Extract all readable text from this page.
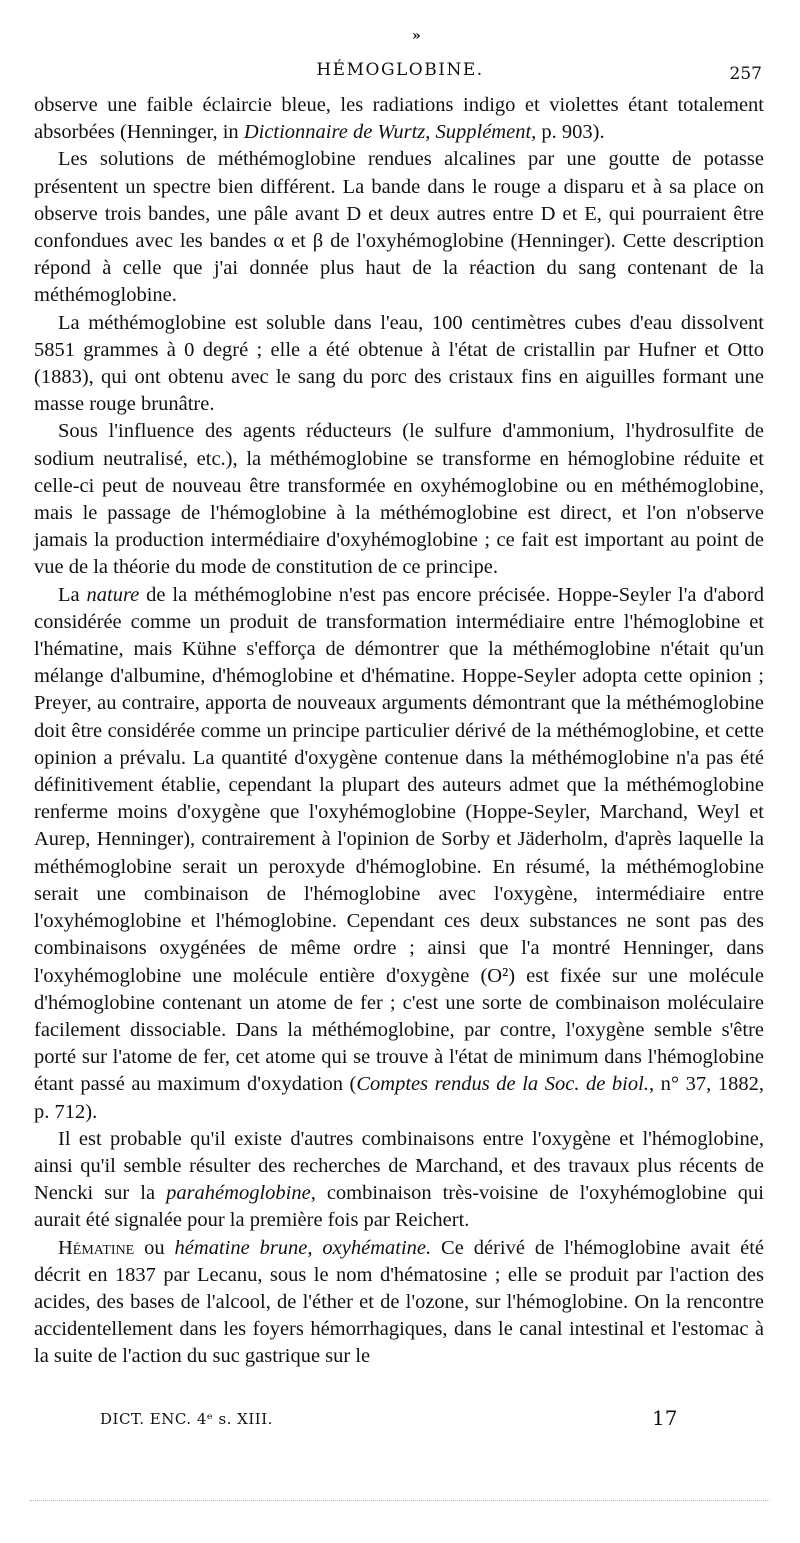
»
HÉMOGLOBINE.	257

observe une faible éclaircie bleue, les radiations indigo et violettes étant totalement absorbées (Henninger, in Dictionnaire de Wurtz, Supplément, p. 903).

Les solutions de méthémoglobine rendues alcalines par une goutte de potasse présentent un spectre bien différent. La bande dans le rouge a disparu et à sa place on observe trois bandes, une pâle avant D et deux autres entre D et E, qui pourraient être confondues avec les bandes α et β de l'oxyhémoglobine (Henninger). Cette description répond à celle que j'ai donnée plus haut de la réaction du sang contenant de la méthémoglobine.

La méthémoglobine est soluble dans l'eau, 100 centimètres cubes d'eau dissolvent 5851 grammes à 0 degré ; elle a été obtenue à l'état de cristallin par Hufner et Otto (1883), qui ont obtenu avec le sang du porc des cristaux fins en aiguilles formant une masse rouge brunâtre.

Sous l'influence des agents réducteurs (le sulfure d'ammonium, l'hydrosulfite de sodium neutralisé, etc.), la méthémoglobine se transforme en hémoglobine réduite et celle-ci peut de nouveau être transformée en oxyhémoglobine ou en méthémoglobine, mais le passage de l'hémoglobine à la méthémoglobine est direct, et l'on n'observe jamais la production intermédiaire d'oxyhémoglobine ; ce fait est important au point de vue de la théorie du mode de constitution de ce principe.

La nature de la méthémoglobine n'est pas encore précisée. Hoppe-Seyler l'a d'abord considérée comme un produit de transformation intermédiaire entre l'hémoglobine et l'hématine, mais Kühne s'efforça de démontrer que la méthémoglobine n'était qu'un mélange d'albumine, d'hémoglobine et d'hématine. Hoppe-Seyler adopta cette opinion ; Preyer, au contraire, apporta de nouveaux arguments démontrant que la méthémoglobine doit être considérée comme un principe particulier dérivé de la méthémoglobine, et cette opinion a prévalu. La quantité d'oxygène contenue dans la méthémoglobine n'a pas été définitivement établie, cependant la plupart des auteurs admet que la méthémoglobine renferme moins d'oxygène que l'oxyhémoglobine (Hoppe-Seyler, Marchand, Weyl et Aurep, Henninger), contrairement à l'opinion de Sorby et Jäderholm, d'après laquelle la méthémoglobine serait un peroxyde d'hémoglobine. En résumé, la méthémoglobine serait une combinaison de l'hémoglobine avec l'oxygène, intermédiaire entre l'oxyhémoglobine et l'hémoglobine. Cependant ces deux substances ne sont pas des combinaisons oxygénées de même ordre ; ainsi que l'a montré Henninger, dans l'oxyhémoglobine une molécule entière d'oxygène (O²) est fixée sur une molécule d'hémoglobine contenant un atome de fer ; c'est une sorte de combinaison moléculaire facilement dissociable. Dans la méthémoglobine, par contre, l'oxygène semble s'être porté sur l'atome de fer, cet atome qui se trouve à l'état de minimum dans l'hémoglobine étant passé au maximum d'oxydation (Comptes rendus de la Soc. de biol., n° 37, 1882, p. 712).

Il est probable qu'il existe d'autres combinaisons entre l'oxygène et l'hémoglobine, ainsi qu'il semble résulter des recherches de Marchand, et des travaux plus récents de Nencki sur la parahémoglobine, combinaison très-voisine de l'oxyhémoglobine qui aurait été signalée pour la première fois par Reichert.

Hématine ou hématine brune, oxyhématine. Ce dérivé de l'hémoglobine avait été décrit en 1837 par Lecanu, sous le nom d'hématosine ; elle se produit par l'action des acides, des bases de l'alcool, de l'éther et de l'ozone, sur l'hémoglobine. On la rencontre accidentellement dans les foyers hémorrhagiques, dans le canal intestinal et l'estomac à la suite de l'action du suc gastrique sur le

DICT. ENC. 4ᵉ s. XIII.	17
